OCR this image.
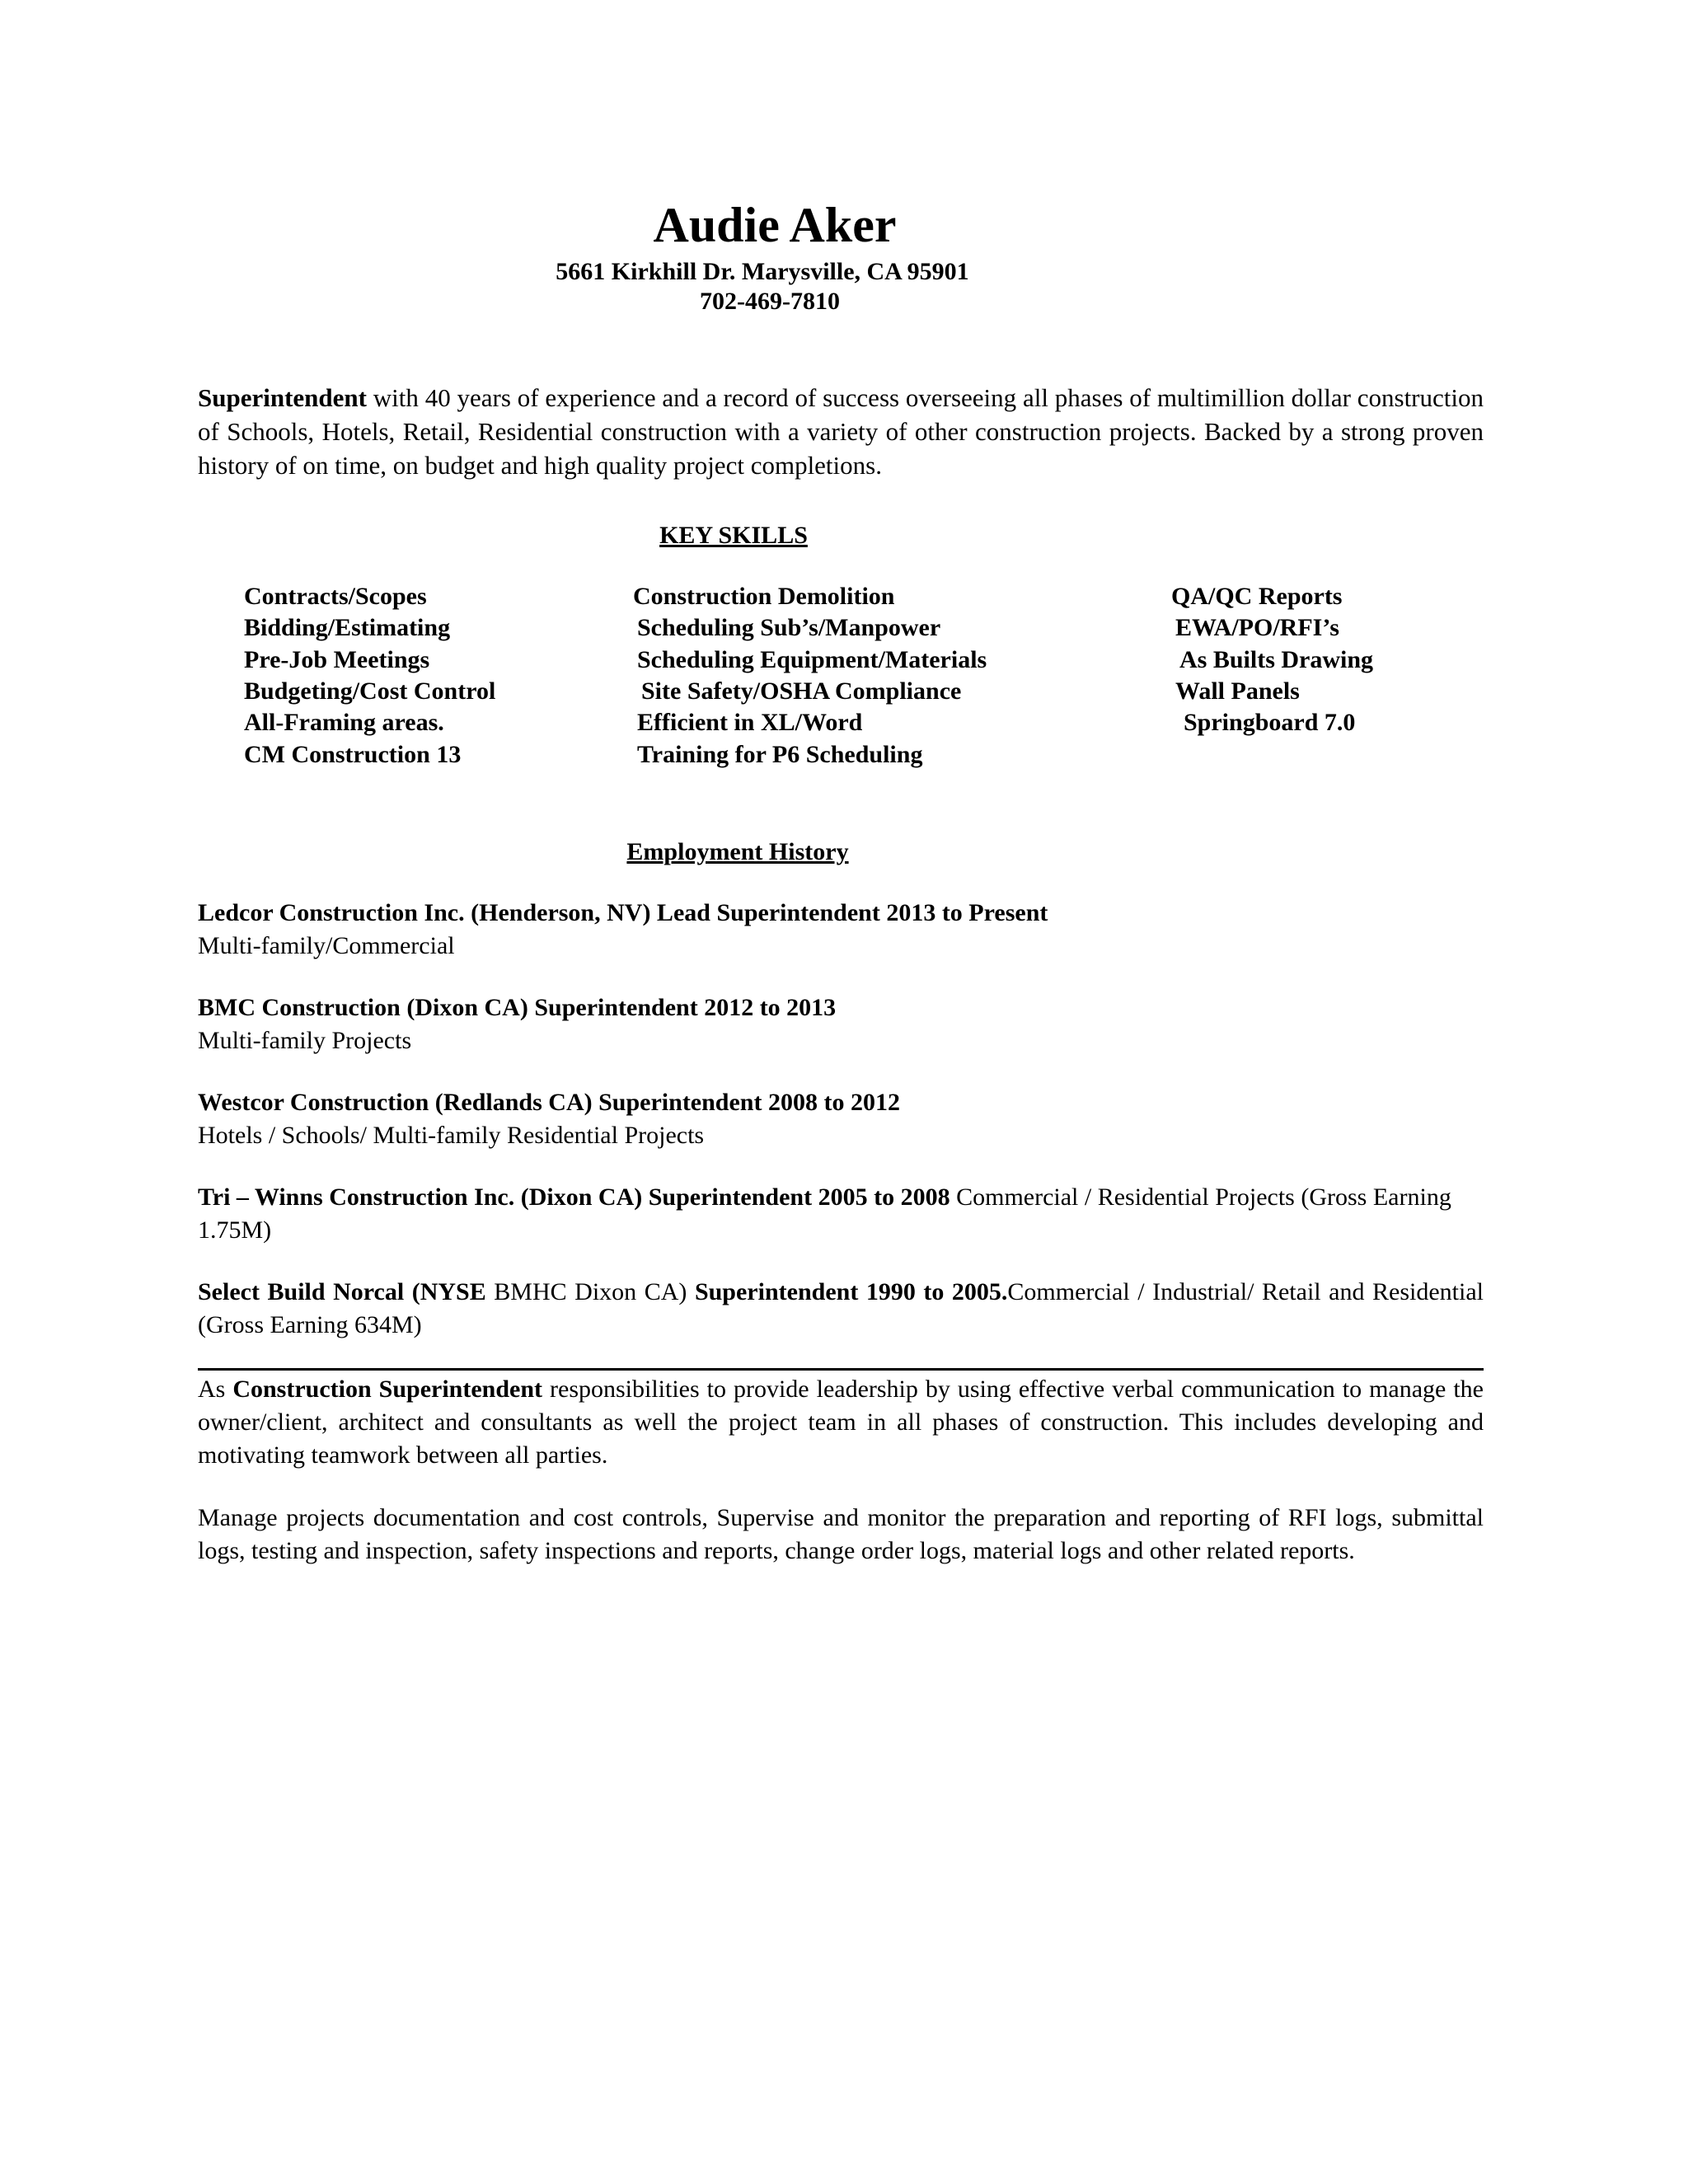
Audie Aker
5661 Kirkhill Dr. Marysville, CA 95901
702-469-7810
Superintendent with 40 years of experience and a record of success overseeing all phases of multimillion dollar construction of Schools, Hotels, Retail, Residential construction with a variety of other construction projects. Backed by a strong proven history of on time, on budget and high quality project completions.
KEY SKILLS
Contracts/Scopes
Bidding/Estimating
Pre-Job Meetings
Budgeting/Cost Control
All-Framing areas.
CM Construction 13
Construction Demolition
Scheduling Sub’s/Manpower
Scheduling Equipment/Materials
Site Safety/OSHA Compliance
Efficient in XL/Word
Training for P6 Scheduling
QA/QC Reports
EWA/PO/RFI’s
As Builts Drawing
Wall Panels
Springboard 7.0
Employment History
Ledcor Construction Inc. (Henderson, NV) Lead Superintendent 2013 to Present
Multi-family/Commercial
BMC Construction (Dixon CA) Superintendent 2012 to 2013
Multi-family Projects
Westcor Construction (Redlands CA) Superintendent 2008 to 2012
Hotels / Schools/ Multi-family Residential Projects
Tri – Winns Construction Inc. (Dixon CA) Superintendent 2005 to 2008 Commercial / Residential Projects (Gross Earning 1.75M)
Select Build Norcal (NYSE BMHC Dixon CA) Superintendent 1990 to 2005.Commercial / Industrial/ Retail and Residential (Gross Earning 634M)
As Construction Superintendent responsibilities to provide leadership by using effective verbal communication to manage the owner/client, architect and consultants as well the project team in all phases of construction. This includes developing and motivating teamwork between all parties.
Manage projects documentation and cost controls, Supervise and monitor the preparation and reporting of RFI logs, submittal logs, testing and inspection, safety inspections and reports, change order logs, material logs and other related reports.
